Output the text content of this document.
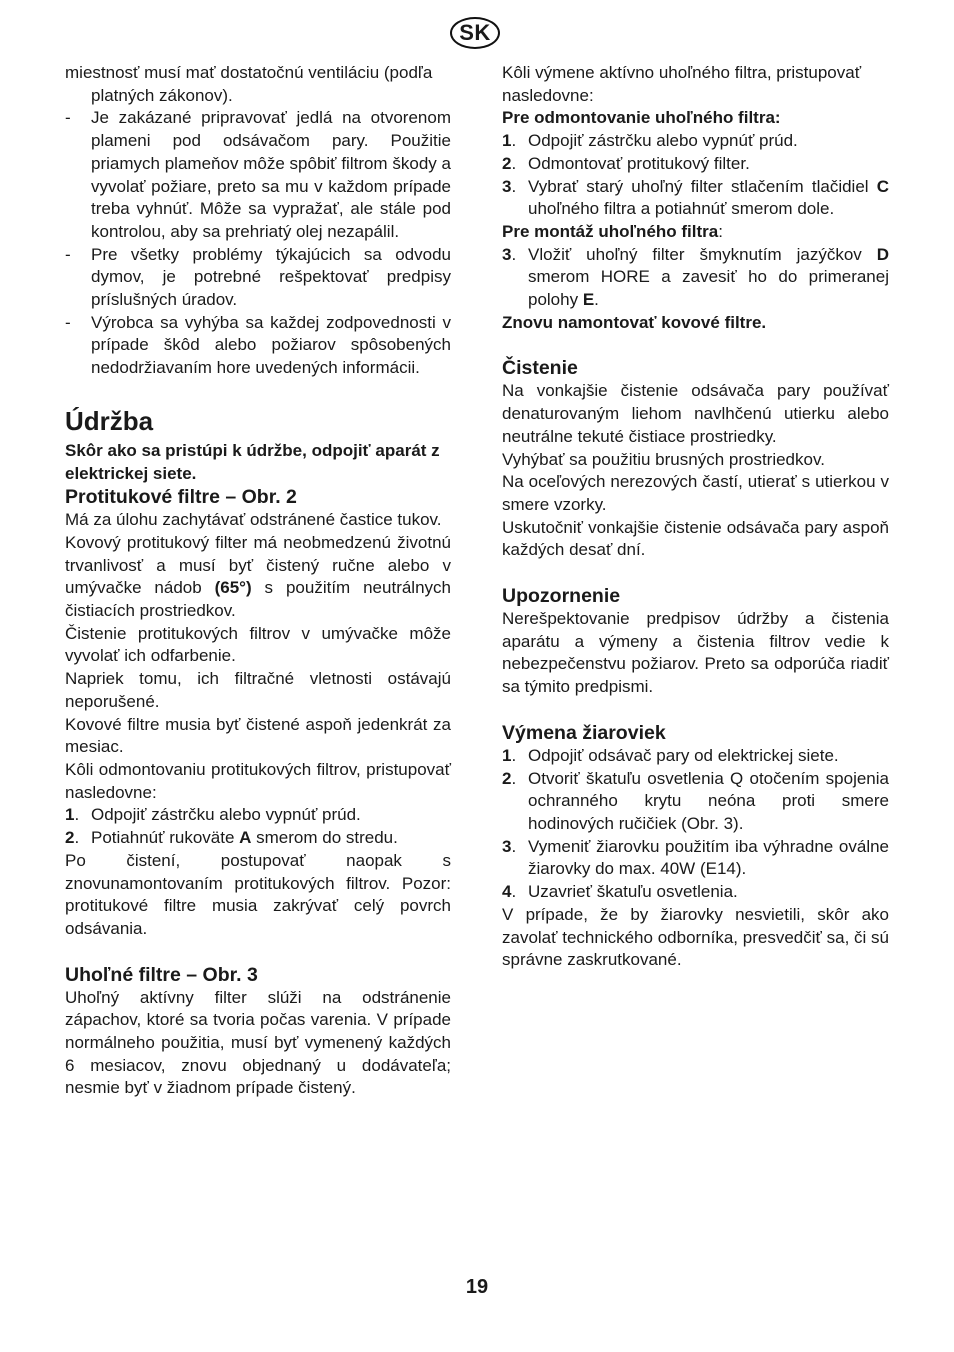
SK

miestnosť musí mať dostatočnú ventiláciu (podľa

platných zákonov).
-	Je zakázané pripravovať jedlá na otvorenom plameni pod odsávačom pary. Použitie priamych plameňov môže spôbiť filtrom škody a vyvolať požiare, preto sa mu v každom prípade treba vyhnúť. Môže sa vypražať, ale stále pod kontrolou, aby sa prehriatý olej nezapálil.
-	Pre všetky problémy týkajúcich sa odvodu dymov, je potrebné rešpektovať predpisy príslušných úradov.
-	Výrobca sa vyhýba sa každej zodpovednosti v prípade škôd alebo požiarov spôsobených nedodržiavaním hore uvedených informácii.
Údržba

Skôr ako sa pristúpi k údržbe, odpojiť aparát z elektrickej siete.

Protitukové filtre – Obr. 2

Má za úlohu zachytávať odstránené častice tukov.

Kovový protitukový filter má neobmedzenú životnú trvanlivosť a musí byť čistený ručne alebo v umývačke nádob (65°) s použitím neutrálnych čistiacích prostriedkov.

Čistenie protitukových filtrov v umývačke môže vyvolať ich odfarbenie.

Napriek tomu, ich filtračné vletnosti ostávajú neporušené.

Kovové filtre musia byť čistené aspoň jedenkrát za mesiac.

Kôli odmontovaniu protitukových filtrov, pristupovať nasledovne:

1. Odpojiť zástrčku alebo vypnúť prúd.
2. Potiahnúť rukoväte A smerom do stredu.

Po čistení, postupovať naopak s znovunamontovaním protitukových filtrov. Pozor: protitukové filtre musia zakrývať celý povrch odsávania.

Uhoľné filtre – Obr. 3

Uhoľný aktívny filter slúži na odstránenie zápachov, ktoré sa tvoria počas varenia. V prípade normálneho použitia, musí byť vymenený každých 6 mesiacov, znovu objednaný u dodávateľa; nesmie byť v žiadnom prípade čistený.

Kôli výmene aktívno uhoľného filtra, pristupovať nasledovne:

Pre odmontovanie uhoľného filtra:

1. Odpojiť zástrčku alebo vypnúť prúd.
2. Odmontovať protitukový filter.
3. Vybrať starý uhoľný filter stlačením tlačidiel C uhoľného filtra a potiahnúť smerom dole.

Pre montáž uhoľného filtra:

3. Vložiť uhoľný filter šmyknutím jazýčkov D smerom HORE a zavesiť ho do primeranej polohy E.

Znovu namontovať kovové filtre.

Čistenie

Na vonkajšie čistenie odsávača pary používať denaturovaným liehom navlhčenú utierku alebo neutrálne tekuté čistiace prostriedky.

Vyhýbať sa použitiu brusných prostriedkov.

Na oceľových nerezových častí, utierať s utierkou v smere vzorky.

Uskutočniť vonkajšie čistenie odsávača pary aspoň každých desať dní.

Upozornenie

Nerešpektovanie predpisov údržby a čistenia aparátu a výmeny a čistenia filtrov vedie k nebezpečenstvu požiarov. Preto sa odporúča riadiť sa týmito predpismi.

Výmena žiaroviek
1. Odpojiť odsávač pary od elektrickej siete.
2. Otvoriť škatuľu osvetlenia Q otočením spojenia ochranného krytu neóna proti smere hodinových ručičiek (Obr. 3).
3. Vymeniť žiarovku použitím iba výhradne oválne žiarovky do max. 40W (E14).
4. Uzavrieť škatuľu osvetlenia.

V prípade, že by žiarovky nesvietili, skôr ako zavolať technického odborníka, presvedčiť sa, či sú správne zaskrutkované.

19
